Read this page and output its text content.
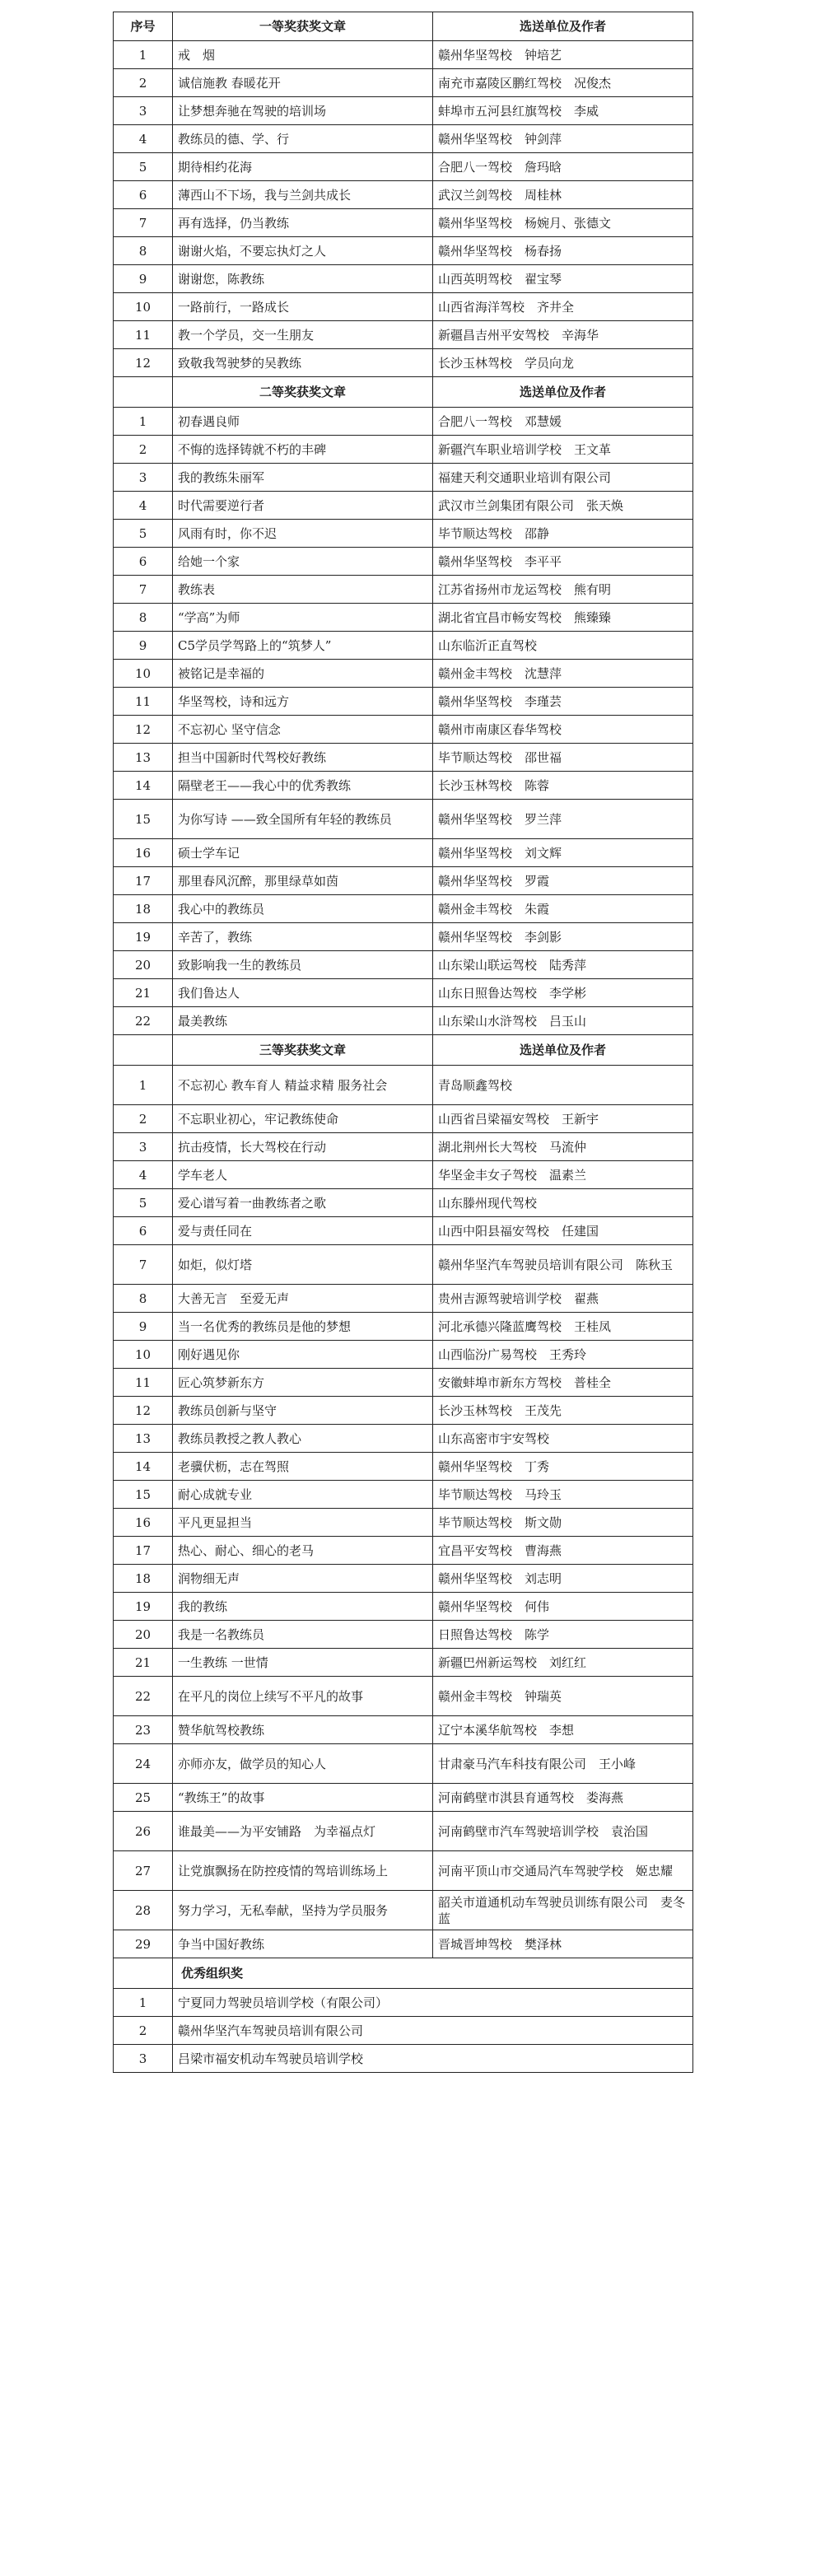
序号	一等奖获奖文章	选送单位及作者
1	戒　烟	赣州华坚驾校　钟培艺
2	诚信施教 春暖花开	南充市嘉陵区鹏红驾校　况俊杰
3	让梦想奔驰在驾驶的培训场	蚌埠市五河县红旗驾校　李威
4	教练员的德、学、行	赣州华坚驾校　钟剑萍
5	期待相约花海	合肥八一驾校　詹玛晗
6	薄西山不下场，我与兰剑共成长	武汉兰剑驾校　周桂林
7	再有选择，仍当教练	赣州华坚驾校　杨婉月、张德文
8	谢谢火焰，不要忘执灯之人	赣州华坚驾校　杨春扬
9	谢谢您，陈教练	山西英明驾校　翟宝琴
10	一路前行，一路成长	山西省海洋驾校　齐井全
11	教一个学员，交一生朋友	新疆昌吉州平安驾校　辛海华
12	致敬我驾驶梦的吴教练	长沙玉林驾校　学员向龙
	二等奖获奖文章	选送单位及作者
1	初春遇良师	合肥八一驾校　邓慧媛
2	不悔的选择铸就不朽的丰碑	新疆汽车职业培训学校　王文革
3	我的教练朱丽军	福建天利交通职业培训有限公司
4	时代需要逆行者	武汉市兰剑集团有限公司　张天焕
5	风雨有时，你不迟	毕节顺达驾校　邵静
6	给她一个家	赣州华坚驾校　李平平
7	教练表	江苏省扬州市龙运驾校　熊有明
8	“学高”为师	湖北省宜昌市畅安驾校　熊臻臻
9	C5学员学驾路上的“筑梦人”	山东临沂正直驾校
10	被铭记是幸福的	赣州金丰驾校　沈慧萍
11	华坚驾校，诗和远方	赣州华坚驾校　李瑾芸
12	不忘初心 坚守信念	赣州市南康区春华驾校
13	担当中国新时代驾校好教练	毕节顺达驾校　邵世福
14	隔壁老王——我心中的优秀教练	长沙玉林驾校　陈蓉
15	为你写诗 ——致全国所有年轻的教练员	赣州华坚驾校　罗兰萍
16	硕士学车记	赣州华坚驾校　刘文辉
17	那里春风沉醉，那里绿草如茵	赣州华坚驾校　罗霞
18	我心中的教练员	赣州金丰驾校　朱霞
19	辛苦了，教练	赣州华坚驾校　李剑影
20	致影响我一生的教练员	山东梁山联运驾校　陆秀萍
21	我们鲁达人	山东日照鲁达驾校　李学彬
22	最美教练	山东梁山水浒驾校　吕玉山
	三等奖获奖文章	选送单位及作者
1	不忘初心 教车育人 精益求精 服务社会	青岛顺鑫驾校
2	不忘职业初心，牢记教练使命	山西省吕梁福安驾校　王新宇
3	抗击疫情，长大驾校在行动	湖北荆州长大驾校　马流仲
4	学车老人	华坚金丰女子驾校　温素兰
5	爱心谱写着一曲教练者之歌	山东滕州现代驾校
6	爱与责任同在	山西中阳县福安驾校　任建国
7	如炬，似灯塔	赣州华坚汽车驾驶员培训有限公司　陈秋玉
8	大善无言　至爱无声	贵州吉源驾驶培训学校　翟燕
9	当一名优秀的教练员是他的梦想	河北承德兴隆蓝鹰驾校　王桂凤
10	刚好遇见你	山西临汾广易驾校　王秀玲
11	匠心筑梦新东方	安徽蚌埠市新东方驾校　普桂全
12	教练员创新与坚守	长沙玉林驾校　王茂先
13	教练员教授之教人教心	山东高密市宇安驾校
14	老骥伏枥，志在驾照	赣州华坚驾校　丁秀
15	耐心成就专业	毕节顺达驾校　马玲玉
16	平凡更显担当	毕节顺达驾校　斯文勋
17	热心、耐心、细心的老马	宜昌平安驾校　曹海燕
18	润物细无声	赣州华坚驾校　刘志明
19	我的教练	赣州华坚驾校　何伟
20	我是一名教练员	日照鲁达驾校　陈学
21	一生教练 一世情	新疆巴州新运驾校　刘红红
22	在平凡的岗位上续写不平凡的故事	赣州金丰驾校　钟瑞英
23	赞华航驾校教练	辽宁本溪华航驾校　李想
24	亦师亦友，做学员的知心人	甘肃豪马汽车科技有限公司　王小峰
25	“教练王”的故事	河南鹤壁市淇县育通驾校　娄海燕
26	谁最美——为平安铺路　为幸福点灯	河南鹤壁市汽车驾驶培训学校　袁治国
27	让党旗飘扬在防控疫情的驾培训练场上	河南平顶山市交通局汽车驾驶学校　姬忠耀
28	努力学习，无私奉献，坚持为学员服务	韶关市道通机动车驾驶员训练有限公司　麦冬蓝
29	争当中国好教练	晋城晋坤驾校　樊泽林
	优秀组织奖	
1	宁夏同力驾驶员培训学校（有限公司）	
2	赣州华坚汽车驾驶员培训有限公司	
3	吕梁市福安机动车驾驶员培训学校	
